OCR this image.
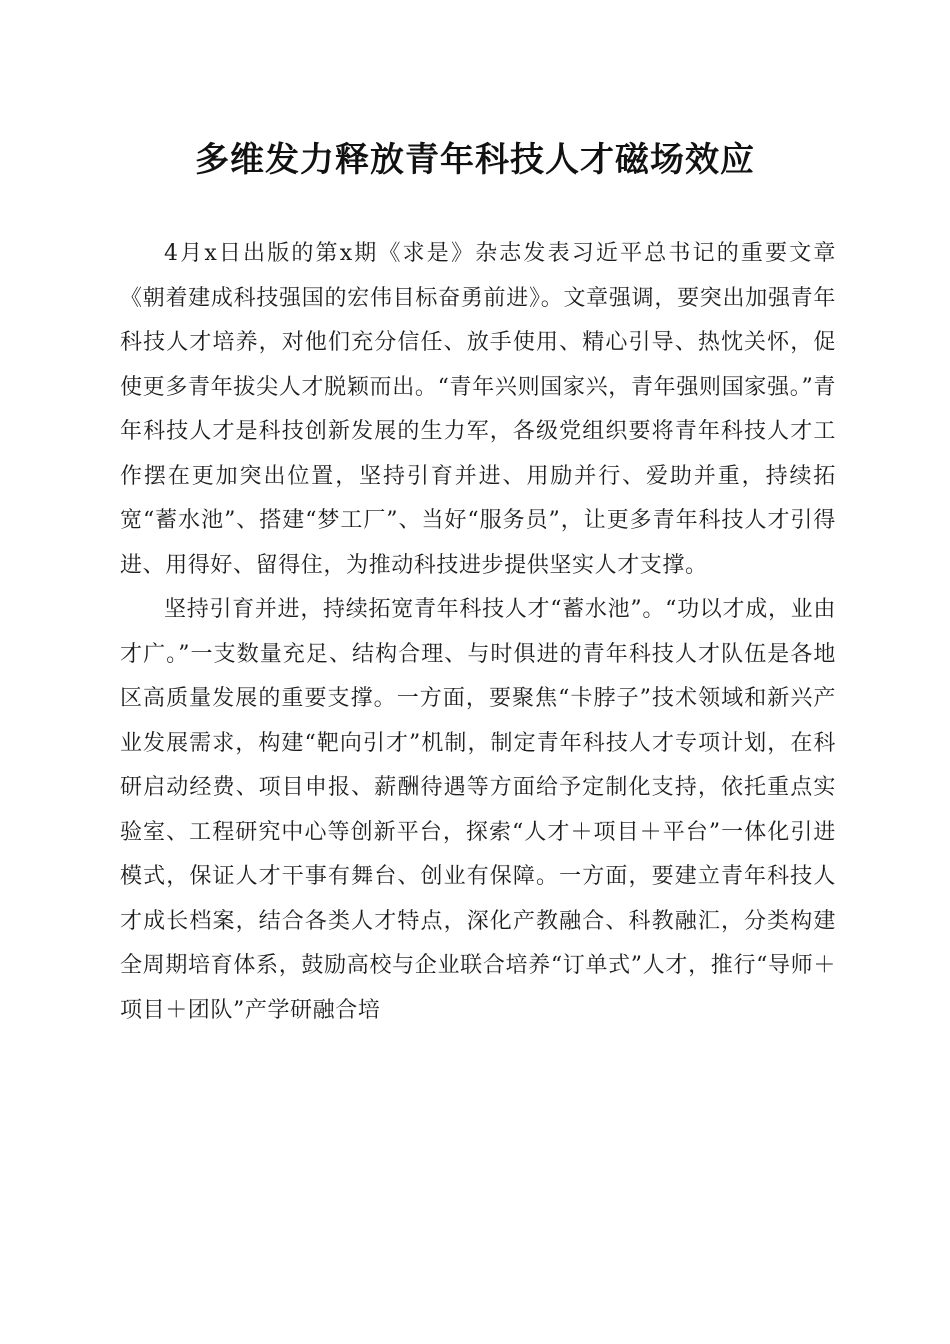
多维发力释放青年科技人才磁场效应

4月x日出版的第x期《求是》杂志发表习近平总书记的重要文章《朝着建成科技强国的宏伟目标奋勇前进》。文章强调，要突出加强青年科技人才培养，对他们充分信任、放手使用、精心引导、热忱关怀，促使更多青年拔尖人才脱颖而出。“青年兴则国家兴，青年强则国家强。”青年科技人才是科技创新发展的生力军，各级党组织要将青年科技人才工作摆在更加突出位置，坚持引育并进、用励并行、爱助并重，持续拓宽“蓄水池”、搭建“梦工厂”、当好“服务员”，让更多青年科技人才引得进、用得好、留得住，为推动科技进步提供坚实人才支撑。

坚持引育并进，持续拓宽青年科技人才“蓄水池”。“功以才成，业由才广。”一支数量充足、结构合理、与时俱进的青年科技人才队伍是各地区高质量发展的重要支撑。一方面，要聚焦“卡脖子”技术领域和新兴产业发展需求，构建“靶向引才”机制，制定青年科技人才专项计划，在科研启动经费、项目申报、薪酬待遇等方面给予定制化支持，依托重点实验室、工程研究中心等创新平台，探索“人才＋项目＋平台”一体化引进模式，保证人才干事有舞台、创业有保障。一方面，要建立青年科技人才成长档案，结合各类人才特点，深化产教融合、科教融汇，分类构建全周期培育体系，鼓励高校与企业联合培养“订单式”人才，推行“导师＋项目＋团队”产学研融合培
